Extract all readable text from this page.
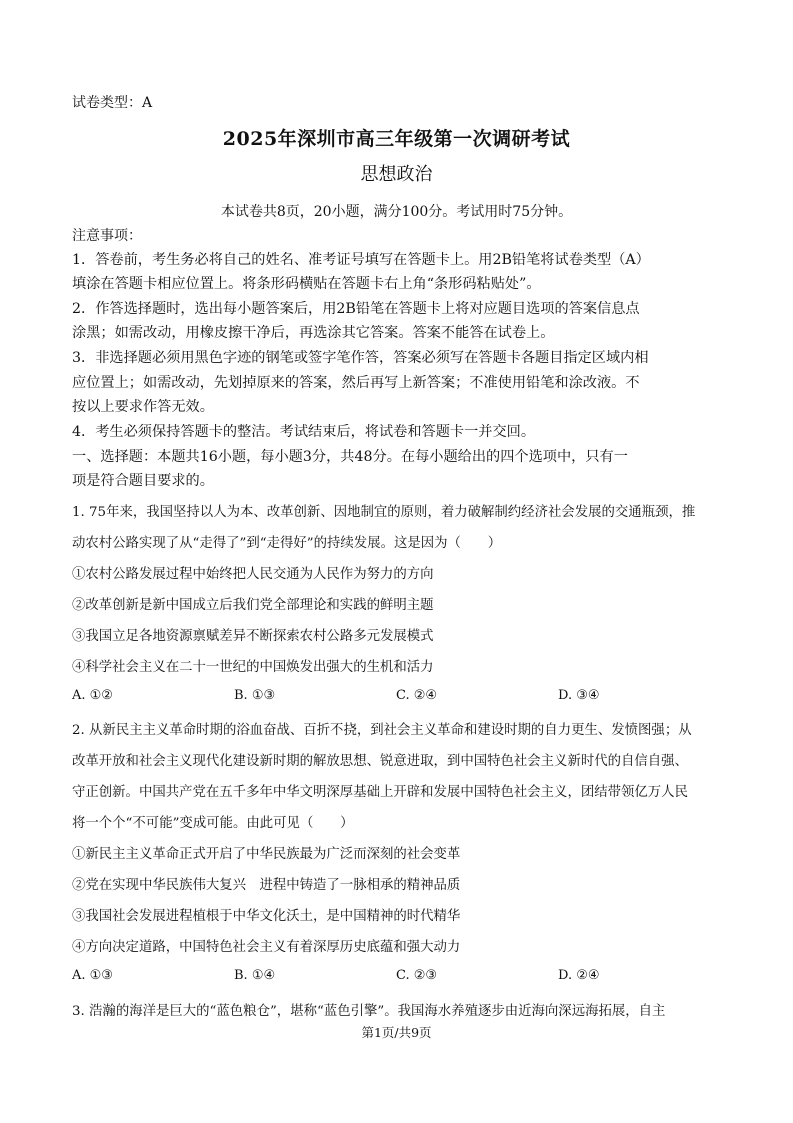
试卷类型：A
2025年深圳市高三年级第一次调研考试
思想政治
本试卷共8页，20小题，满分100分。考试用时75分钟。
注意事项：
1．答卷前，考生务必将自己的姓名、准考证号填写在答题卡上。用2B铅笔将试卷类型（A）
填涂在答题卡相应位置上。将条形码横贴在答题卡右上角“条形码粘贴处”。
2．作答选择题时，选出每小题答案后，用2B铅笔在答题卡上将对应题目选项的答案信息点
涂黑；如需改动，用橡皮擦干净后，再选涂其它答案。答案不能答在试卷上。
3．非选择题必须用黑色字迹的钢笔或签字笔作答，答案必须写在答题卡各题目指定区域内相
应位置上；如需改动，先划掉原来的答案，然后再写上新答案；不准使用铅笔和涂改液。不
按以上要求作答无效。
4．考生必须保持答题卡的整洁。考试结束后，将试卷和答题卡一并交回。
一、选择题：本题共16小题，每小题3分，共48分。在每小题给出的四个选项中，只有一
项是符合题目要求的。
1. 75年来，我国坚持以人为本、改革创新、因地制宜的原则，着力破解制约经济社会发展的交通瓶颈，推
动农村公路实现了从“走得了”到“走得好”的持续发展。这是因为（　　）
①农村公路发展过程中始终把人民交通为人民作为努力的方向
②改革创新是新中国成立后我们党全部理论和实践的鲜明主题
③我国立足各地资源禀赋差异不断探索农村公路多元发展模式
④科学社会主义在二十一世纪的中国焕发出强大的生机和活力
A. ①②	B. ①③	C. ②④	D. ③④
2. 从新民主主义革命时期的浴血奋战、百折不挠，到社会主义革命和建设时期的自力更生、发愤图强；从
改革开放和社会主义现代化建设新时期的解放思想、锐意进取，到中国特色社会主义新时代的自信自强、
守正创新。中国共产党在五千多年中华文明深厚基础上开辟和发展中国特色社会主义，团结带领亿万人民
将一个个“不可能”变成可能。由此可见（　　）
①新民主主义革命正式开启了中华民族最为广泛而深刻的社会变革
②党在实现中华民族伟大复兴　进程中铸造了一脉相承的精神品质
③我国社会发展进程植根于中华文化沃土，是中国精神的时代精华
④方向决定道路，中国特色社会主义有着深厚历史底蕴和强大动力
A. ①③	B. ①④	C. ②③	D. ②④
3. 浩瀚的海洋是巨大的“蓝色粮仓”，堪称“蓝色引擎”。我国海水养殖逐步由近海向深远海拓展，自主
第1页/共9页
